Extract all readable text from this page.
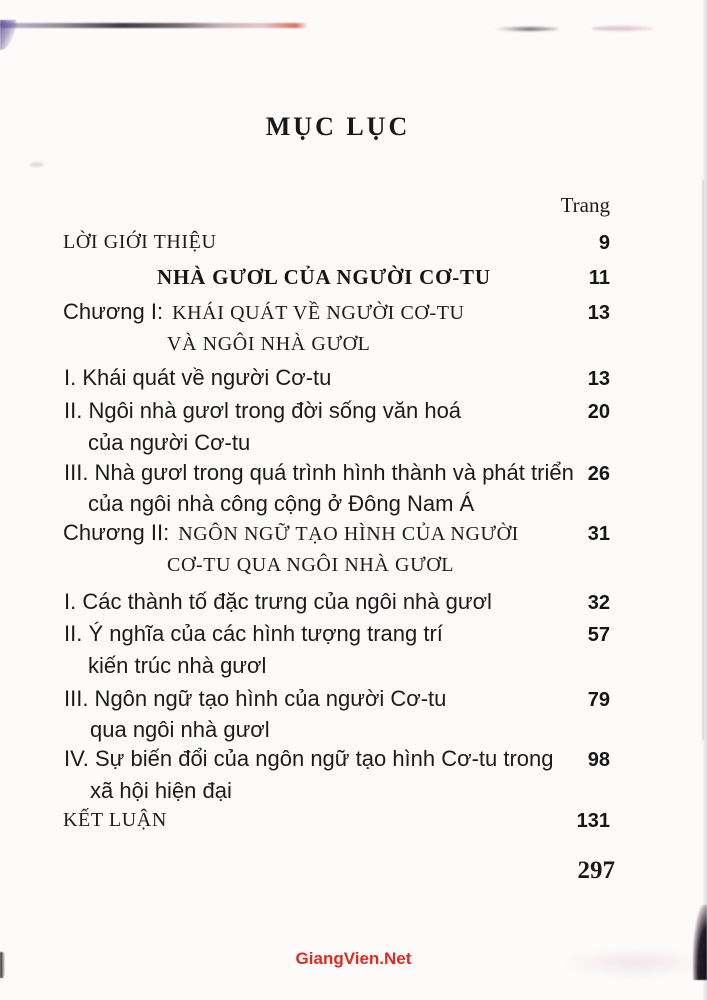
MỤC LỤC
Trang
LỜI GIỚI THIỆU	9
NHÀ GƯƠL CỦA NGƯỜI CƠ-TU	11
Chương I: KHÁI QUÁT VỀ NGƯỜI CƠ-TU	13
VÀ NGÔI NHÀ GƯƠL
I. Khái quát về người Cơ-tu	13
II. Ngôi nhà gươl trong đời sống văn hoá	20
của người Cơ-tu
III. Nhà gươl trong quá trình hình thành và phát triển 26
của ngôi nhà công cộng ở Đông Nam Á
Chương II: NGÔN NGỮ TẠO HÌNH CỦA NGƯỜI	31
CƠ-TU QUA NGÔI NHÀ GƯƠL
I. Các thành tố đặc trưng của ngôi nhà gươl	32
II. Ý nghĩa của các hình tượng trang trí	57
kiến trúc nhà gươl
III. Ngôn ngữ tạo hình của người Cơ-tu	79
qua ngôi nhà gươl
IV. Sự biến đổi của ngôn ngữ tạo hình Cơ-tu trong 98
xã hội hiện đại
KẾT LUẬN	131
297
GiangVien.Net
